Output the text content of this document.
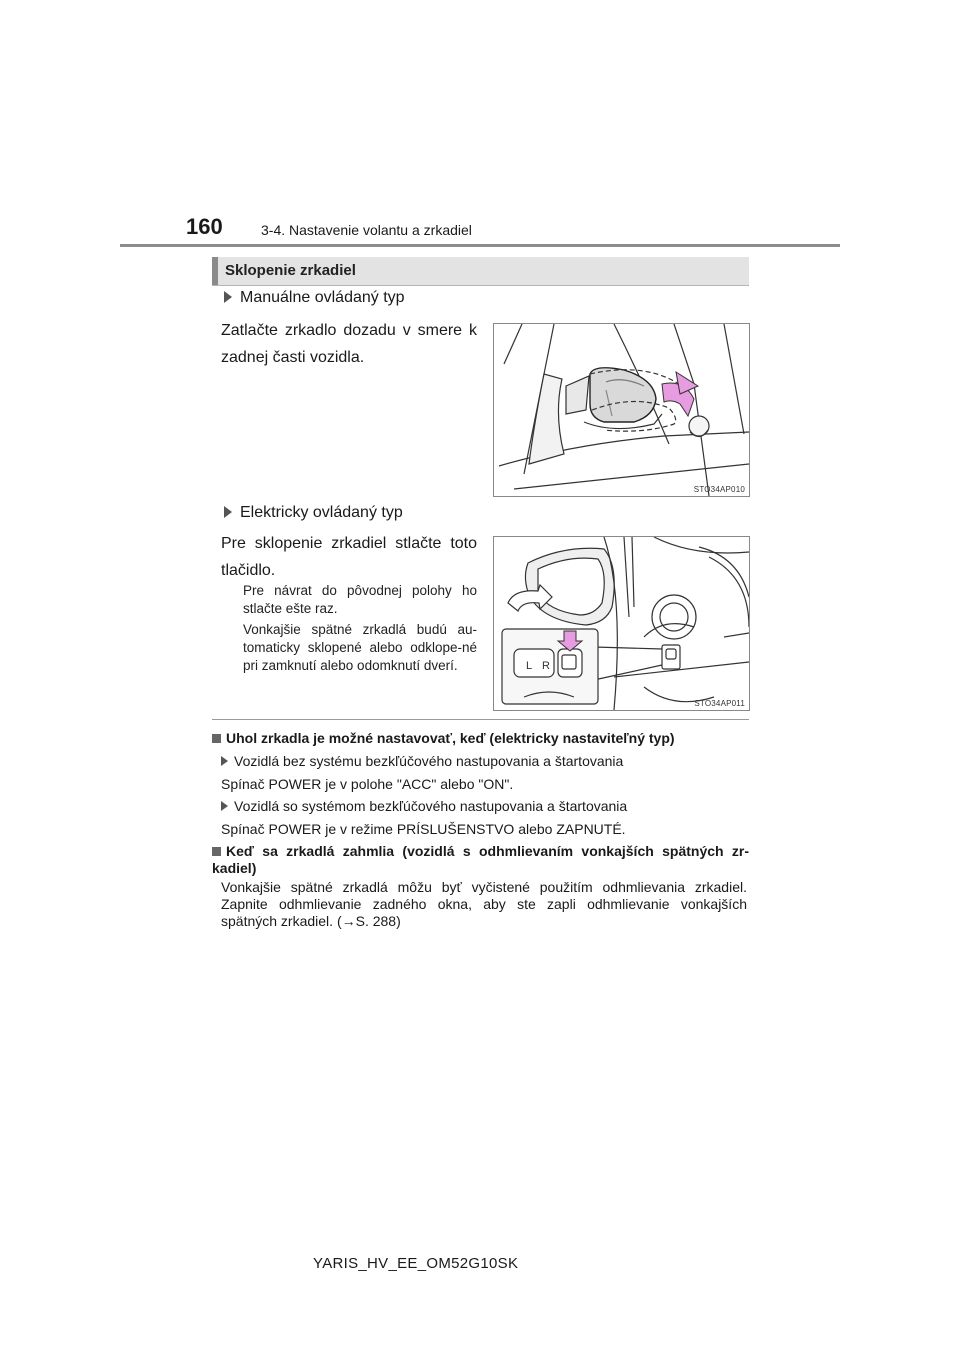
160	3-4. Nastavenie volantu a zrkadiel
Sklopenie zrkadiel
Manuálne ovládaný typ
Zatlačte zrkadlo dozadu v smere k zadnej časti vozidla.
STO34AP010
Elektricky ovládaný typ
Pre sklopenie zrkadiel stlačte toto tlačidlo.
Pre návrat do pôvodnej polohy ho stlačte ešte raz.
Vonkajšie spätné zrkadlá budú au-tomaticky sklopené alebo odklope-né pri zamknutí alebo odomknutí dverí.	L R
STO34AP011
Uhol zrkadla je možné nastavovať, keď (elektricky nastaviteľný typ)
Vozidlá bez systému bezkľúčového nastupovania a štartovania
Spínač POWER je v polohe "ACC" alebo "ON".
Vozidlá so systémom bezkľúčového nastupovania a štartovania
Spínač POWER je v režime PRÍSLUŠENSTVO alebo ZAPNUTÉ.
Keď sa zrkadlá zahmlia (vozidlá s odhmlievaním vonkajších spätných zr-kadiel)
Vonkajšie spätné zrkadlá môžu byť vyčistené použitím odhmlievania zrkadiel. Zapnite odhmlievanie zadného okna, aby ste zapli odhmlievanie vonkajších spätných zrkadiel. (→S. 288)
YARIS_HV_EE_OM52G10SK
